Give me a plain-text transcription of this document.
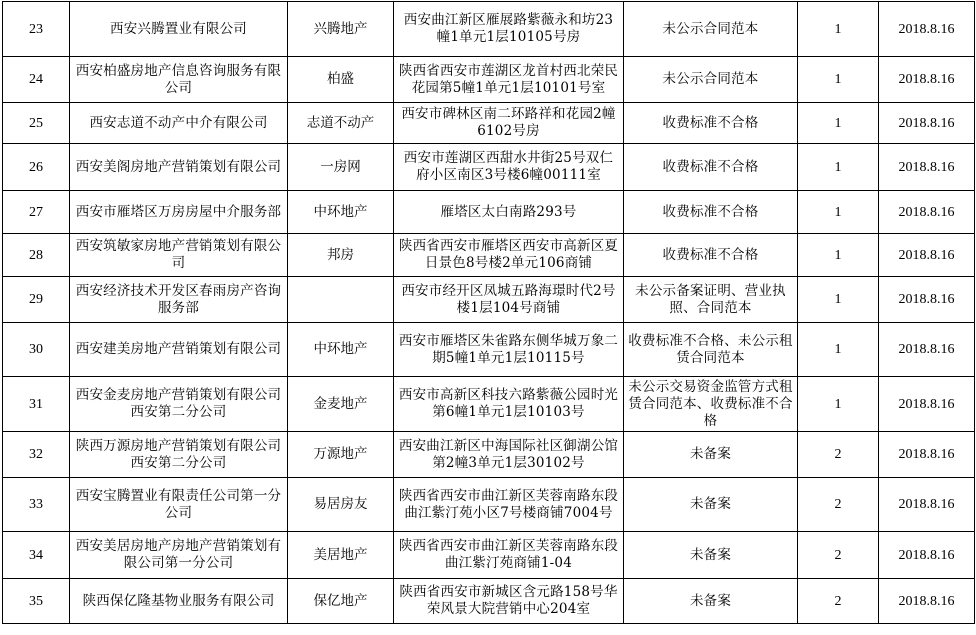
23	西安兴腾置业有限公司	兴腾地产	西安曲江新区雁展路紫薇永和坊23幢1单元1层10105号房	未公示合同范本	1	2018.8.16
24	西安柏盛房地产信息咨询服务有限公司	柏盛	陕西省西安市莲湖区龙首村西北荣民花园第5幢1单元1层10101号室	未公示合同范本	1	2018.8.16
25	西安志道不动产中介有限公司	志道不动产	西安市碑林区南二环路祥和花园2幢6102号房	收费标准不合格	1	2018.8.16
26	西安美阁房地产营销策划有限公司	一房网	西安市莲湖区西甜水井街25号双仁府小区南区3号楼6幢00111室	收费标准不合格	1	2018.8.16
27	西安市雁塔区万房房屋中介服务部	中环地产	雁塔区太白南路293号	收费标准不合格	1	2018.8.16
28	西安筑敏家房地产营销策划有限公司	邦房	陕西省西安市雁塔区西安市高新区夏日景色8号楼2单元106商铺	收费标准不合格	1	2018.8.16
29	西安经济技术开发区春雨房产咨询服务部		西安市经开区凤城五路海璟时代2号楼1层104号商铺	未公示备案证明、营业执照、合同范本	1	2018.8.16
30	西安建美房地产营销策划有限公司	中环地产	西安市雁塔区朱雀路东侧华城万象二期5幢1单元1层10115号	收费标准不合格、未公示租赁合同范本	1	2018.8.16
31	西安金麦房地产营销策划有限公司西安第二分公司	金麦地产	西安市高新区科技六路紫薇公园时光第6幢1单元1层10103号	未公示交易资金监管方式租赁合同范本、收费标准不合格	1	2018.8.16
32	陕西万源房地产营销策划有限公司西安第二分公司	万源地产	西安曲江新区中海国际社区御湖公馆第2幢3单元1层30102号	未备案	2	2018.8.16
33	西安宝腾置业有限责任公司第一分公司	易居房友	陕西省西安市曲江新区芙蓉南路东段曲江紫汀苑小区7号楼商铺7004号	未备案	2	2018.8.16
34	西安美居房地产房地产营销策划有限公司第一分公司	美居地产	陕西省西安市曲江新区芙蓉南路东段曲江紫汀苑商铺1-04	未备案	2	2018.8.16
35	陕西保亿隆基物业服务有限公司	保亿地产	陕西省西安市新城区含元路158号华荣风景大院营销中心204室	未备案	2	2018.8.16
